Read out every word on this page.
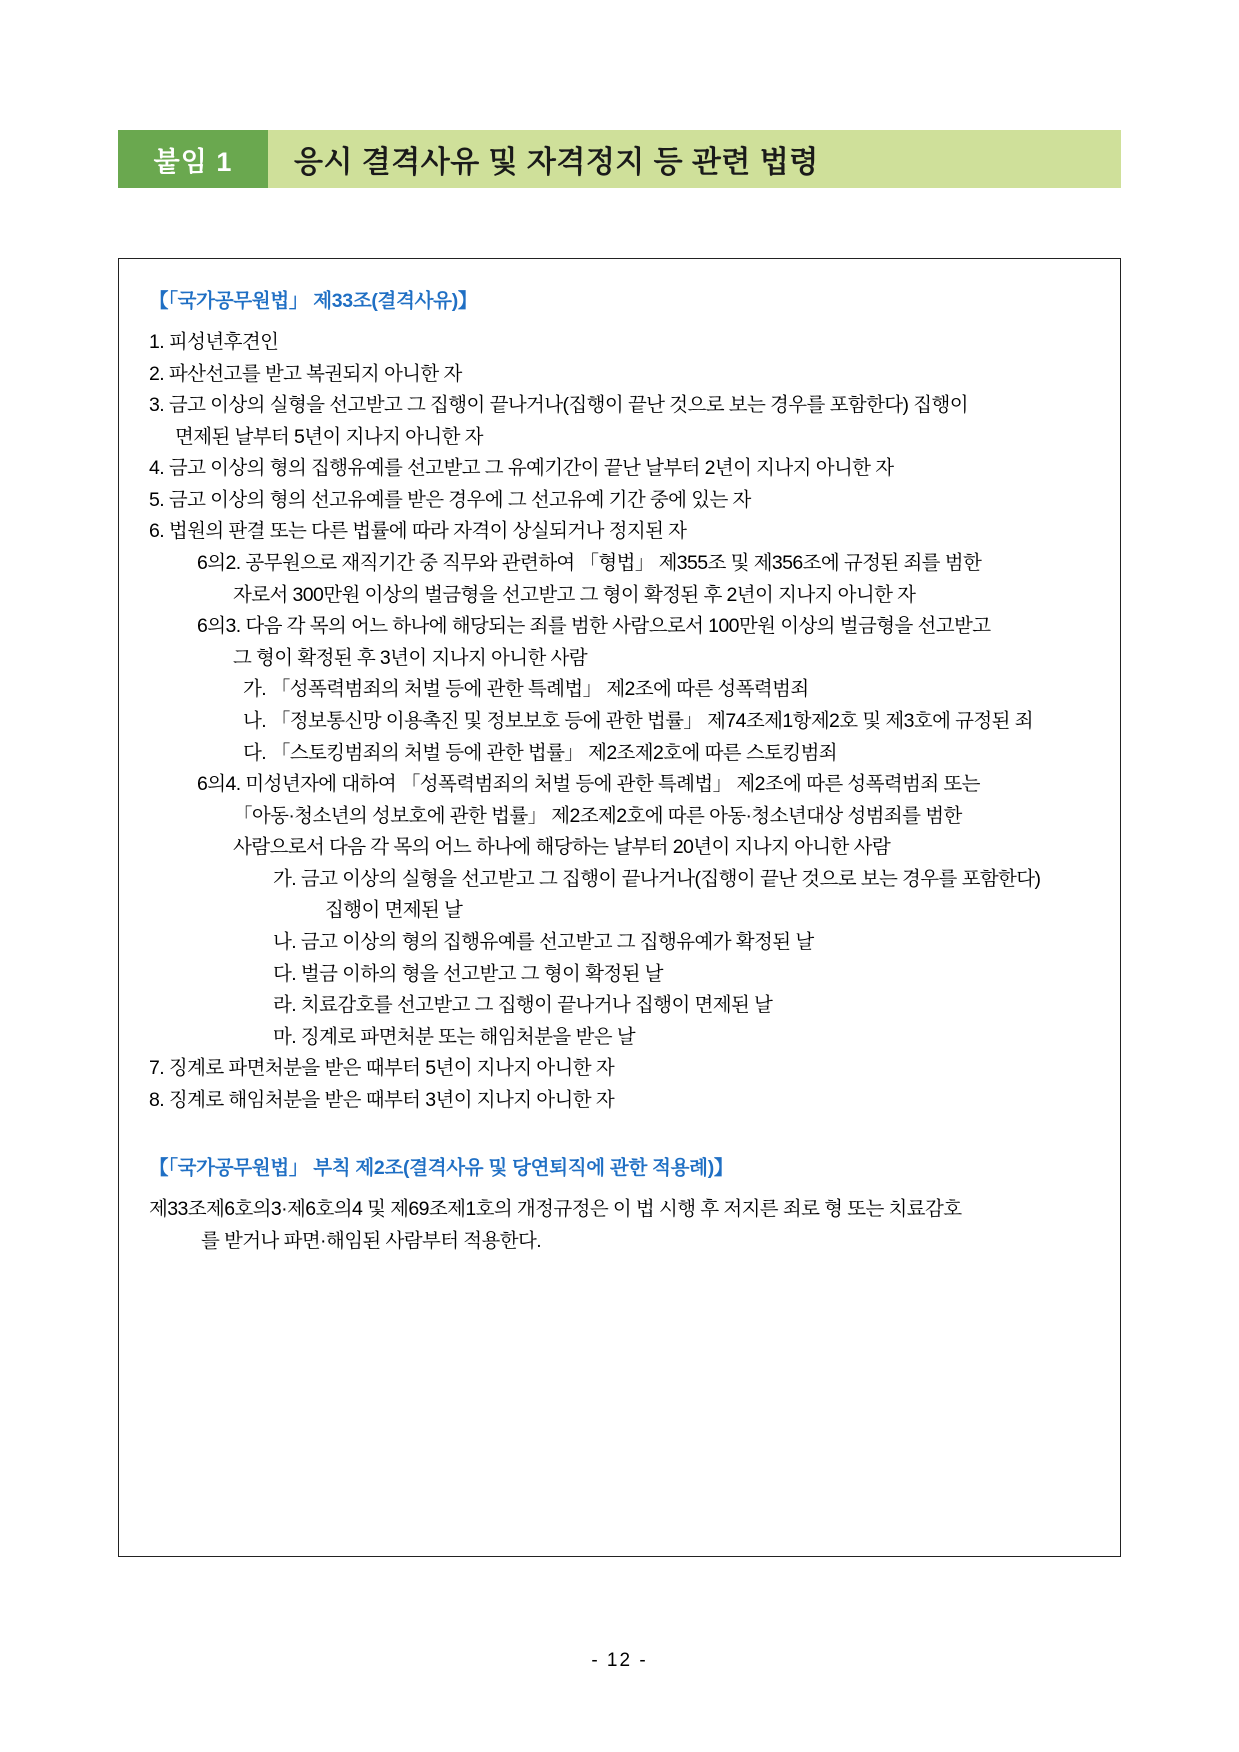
붙임 1	응시 결격사유 및 자격정지 등 관련 법령

【「국가공무원법」 제33조(결격사유)】

1. 피성년후견인

2. 파산선고를 받고 복권되지 아니한 자

3. 금고 이상의 실형을 선고받고 그 집행이 끝나거나(집행이 끝난 것으로 보는 경우를 포함한다) 집행이

면제된 날부터 5년이 지나지 아니한 자

4. 금고 이상의 형의 집행유예를 선고받고 그 유예기간이 끝난 날부터 2년이 지나지 아니한 자

5. 금고 이상의 형의 선고유예를 받은 경우에 그 선고유예 기간 중에 있는 자

6. 법원의 판결 또는 다른 법률에 따라 자격이 상실되거나 정지된 자

6의2. 공무원으로 재직기간 중 직무와 관련하여 「형법」 제355조 및 제356조에 규정된 죄를 범한

자로서 300만원 이상의 벌금형을 선고받고 그 형이 확정된 후 2년이 지나지 아니한 자

6의3. 다음 각 목의 어느 하나에 해당되는 죄를 범한 사람으로서 100만원 이상의 벌금형을 선고받고

그 형이 확정된 후 3년이 지나지 아니한 사람

가. 「성폭력범죄의 처벌 등에 관한 특례법」 제2조에 따른 성폭력범죄

나. 「정보통신망 이용촉진 및 정보보호 등에 관한 법률」 제74조제1항제2호 및 제3호에 규정된 죄

다. 「스토킹범죄의 처벌 등에 관한 법률」 제2조제2호에 따른 스토킹범죄

6의4. 미성년자에 대하여 「성폭력범죄의 처벌 등에 관한 특례법」 제2조에 따른 성폭력범죄 또는

「아동·청소년의 성보호에 관한 법률」 제2조제2호에 따른 아동·청소년대상 성범죄를 범한

사람으로서 다음 각 목의 어느 하나에 해당하는 날부터 20년이 지나지 아니한 사람

가. 금고 이상의 실형을 선고받고 그 집행이 끝나거나(집행이 끝난 것으로 보는 경우를 포함한다)

집행이 면제된 날

나. 금고 이상의 형의 집행유예를 선고받고 그 집행유예가 확정된 날

다. 벌금 이하의 형을 선고받고 그 형이 확정된 날

라. 치료감호를 선고받고 그 집행이 끝나거나 집행이 면제된 날

마. 징계로 파면처분 또는 해임처분을 받은 날

7. 징계로 파면처분을 받은 때부터 5년이 지나지 아니한 자

8. 징계로 해임처분을 받은 때부터 3년이 지나지 아니한 자

【「국가공무원법」 부칙 제2조(결격사유 및 당연퇴직에 관한 적용례)】

제33조제6호의3·제6호의4 및 제69조제1호의 개정규정은 이 법 시행 후 저지른 죄로 형 또는 치료감호

를 받거나 파면·해임된 사람부터 적용한다.

- 12 -
